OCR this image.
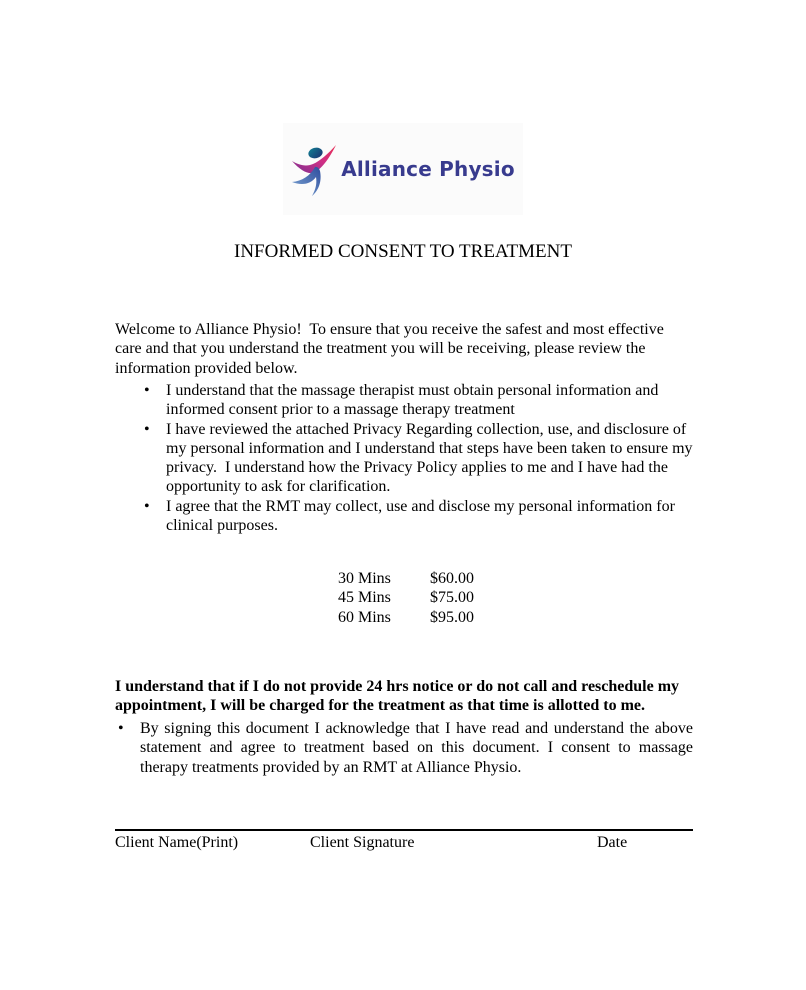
Alliance Physio
INFORMED CONSENT TO TREATMENT

Welcome to Alliance Physio!  To ensure that you receive the safest and most effective care and that you understand the treatment you will be receiving, please review the information provided below.

• I understand that the massage therapist must obtain personal information and informed consent prior to a massage therapy treatment
• I have reviewed the attached Privacy Regarding collection, use, and disclosure of my personal information and I understand that steps have been taken to ensure my privacy.  I understand how the Privacy Policy applies to me and I have had the opportunity to ask for clarification.
• I agree that the RMT may collect, use and disclose my personal information for clinical purposes.
30 Mins	$60.00
45 Mins	$75.00
60 Mins	$95.00

I understand that if I do not provide 24 hrs notice or do not call and reschedule my appointment, I will be charged for the treatment as that time is allotted to me.

• By signing this document I acknowledge that I have read and understand the above statement and agree to treatment based on this document. I consent to massage therapy treatments provided by an RMT at Alliance Physio.
Client Name(Print)	Client Signature	Date
